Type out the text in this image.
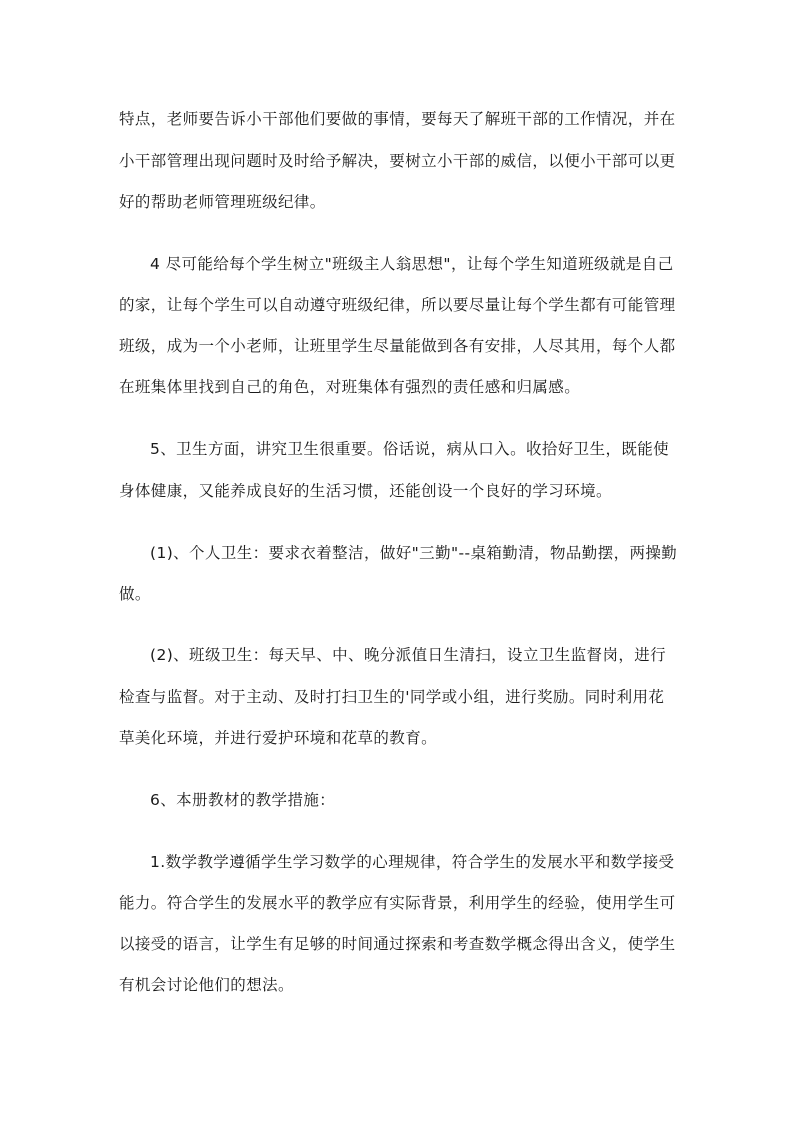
特点，老师要告诉小干部他们要做的事情，要每天了解班干部的工作情况，并在
小干部管理出现问题时及时给予解决，要树立小干部的威信，以便小干部可以更
好的帮助老师管理班级纪律。
4 尽可能给每个学生树立"班级主人翁思想"，让每个学生知道班级就是自己
的家，让每个学生可以自动遵守班级纪律，所以要尽量让每个学生都有可能管理
班级，成为一个小老师，让班里学生尽量能做到各有安排，人尽其用，每个人都
在班集体里找到自己的角色，对班集体有强烈的责任感和归属感。
5、卫生方面，讲究卫生很重要。俗话说，病从口入。收拾好卫生，既能使
身体健康，又能养成良好的生活习惯，还能创设一个良好的学习环境。
(1)、个人卫生：要求衣着整洁，做好"三勤"--桌箱勤清，物品勤摆，两操勤
做。
(2)、班级卫生：每天早、中、晚分派值日生清扫，设立卫生监督岗，进行
检查与监督。对于主动、及时打扫卫生的'同学或小组，进行奖励。同时利用花
草美化环境，并进行爱护环境和花草的教育。
6、本册教材的教学措施：
1.数学教学遵循学生学习数学的心理规律，符合学生的发展水平和数学接受
能力。符合学生的发展水平的教学应有实际背景，利用学生的经验，使用学生可
以接受的语言，让学生有足够的时间通过探索和考查数学概念得出含义，使学生
有机会讨论他们的想法。
